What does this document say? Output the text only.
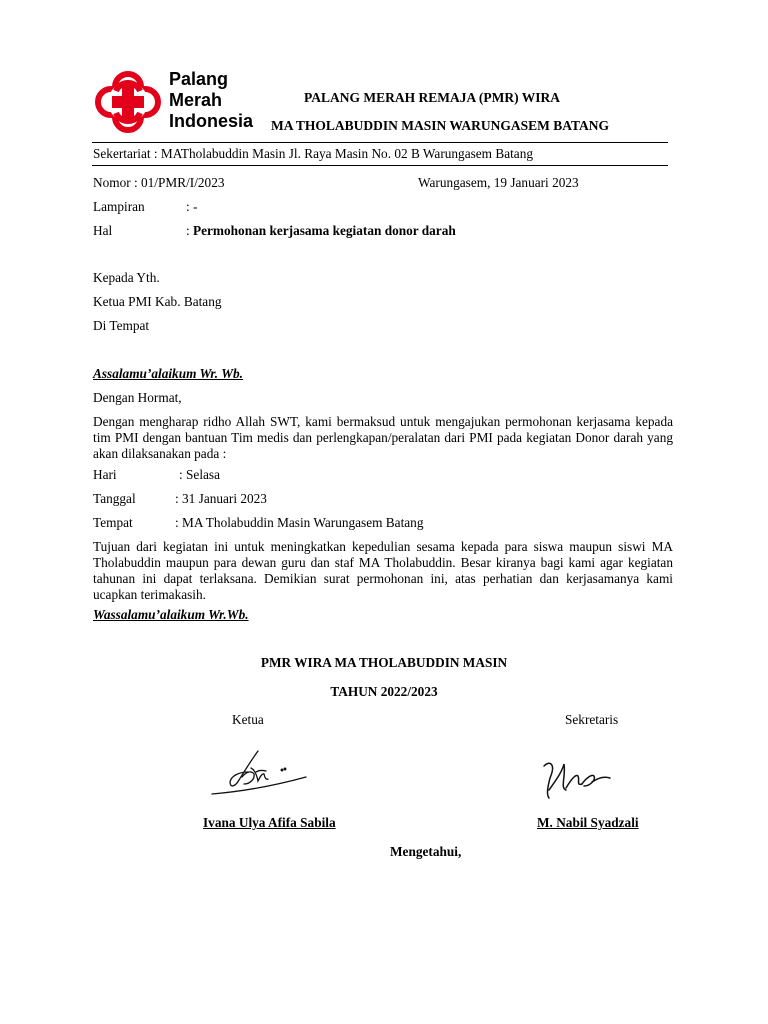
Palang
Merah
Indonesia
PALANG MERAH REMAJA (PMR) WIRA
MA THOLABUDDIN MASIN WARUNGASEM BATANG
Sekertariat : MATholabuddin Masin Jl. Raya Masin No. 02 B Warungasem Batang
Nomor : 01/PMR/I/2023	Warungasem, 19 Januari 2023
Lampiran	: -
Hal	: Permohonan kerjasama kegiatan donor darah
Kepada Yth.
Ketua PMI Kab. Batang
Di Tempat
Assalamu’alaikum Wr. Wb.
Dengan Hormat,
Dengan mengharap ridho Allah SWT, kami bermaksud untuk mengajukan permohonan kerjasama kepada tim PMI dengan bantuan Tim medis dan perlengkapan/peralatan dari PMI pada kegiatan Donor darah yang akan dilaksanakan pada :
Hari	: Selasa
Tanggal	: 31 Januari 2023
Tempat	: MA Tholabuddin Masin Warungasem Batang
Tujuan dari kegiatan ini untuk meningkatkan kepedulian sesama kepada para siswa maupun siswi MA Tholabuddin maupun para dewan guru dan staf MA Tholabuddin. Besar kiranya bagi kami agar kegiatan tahunan ini dapat terlaksana. Demikian surat permohonan ini, atas perhatian dan kerjasamanya kami ucapkan terimakasih.
Wassalamu’alaikum Wr.Wb.
PMR WIRA MA THOLABUDDIN MASIN
TAHUN 2022/2023
Ketua	Sekretaris
Ivana Ulya Afifa Sabila	M. Nabil Syadzali
Mengetahui,
